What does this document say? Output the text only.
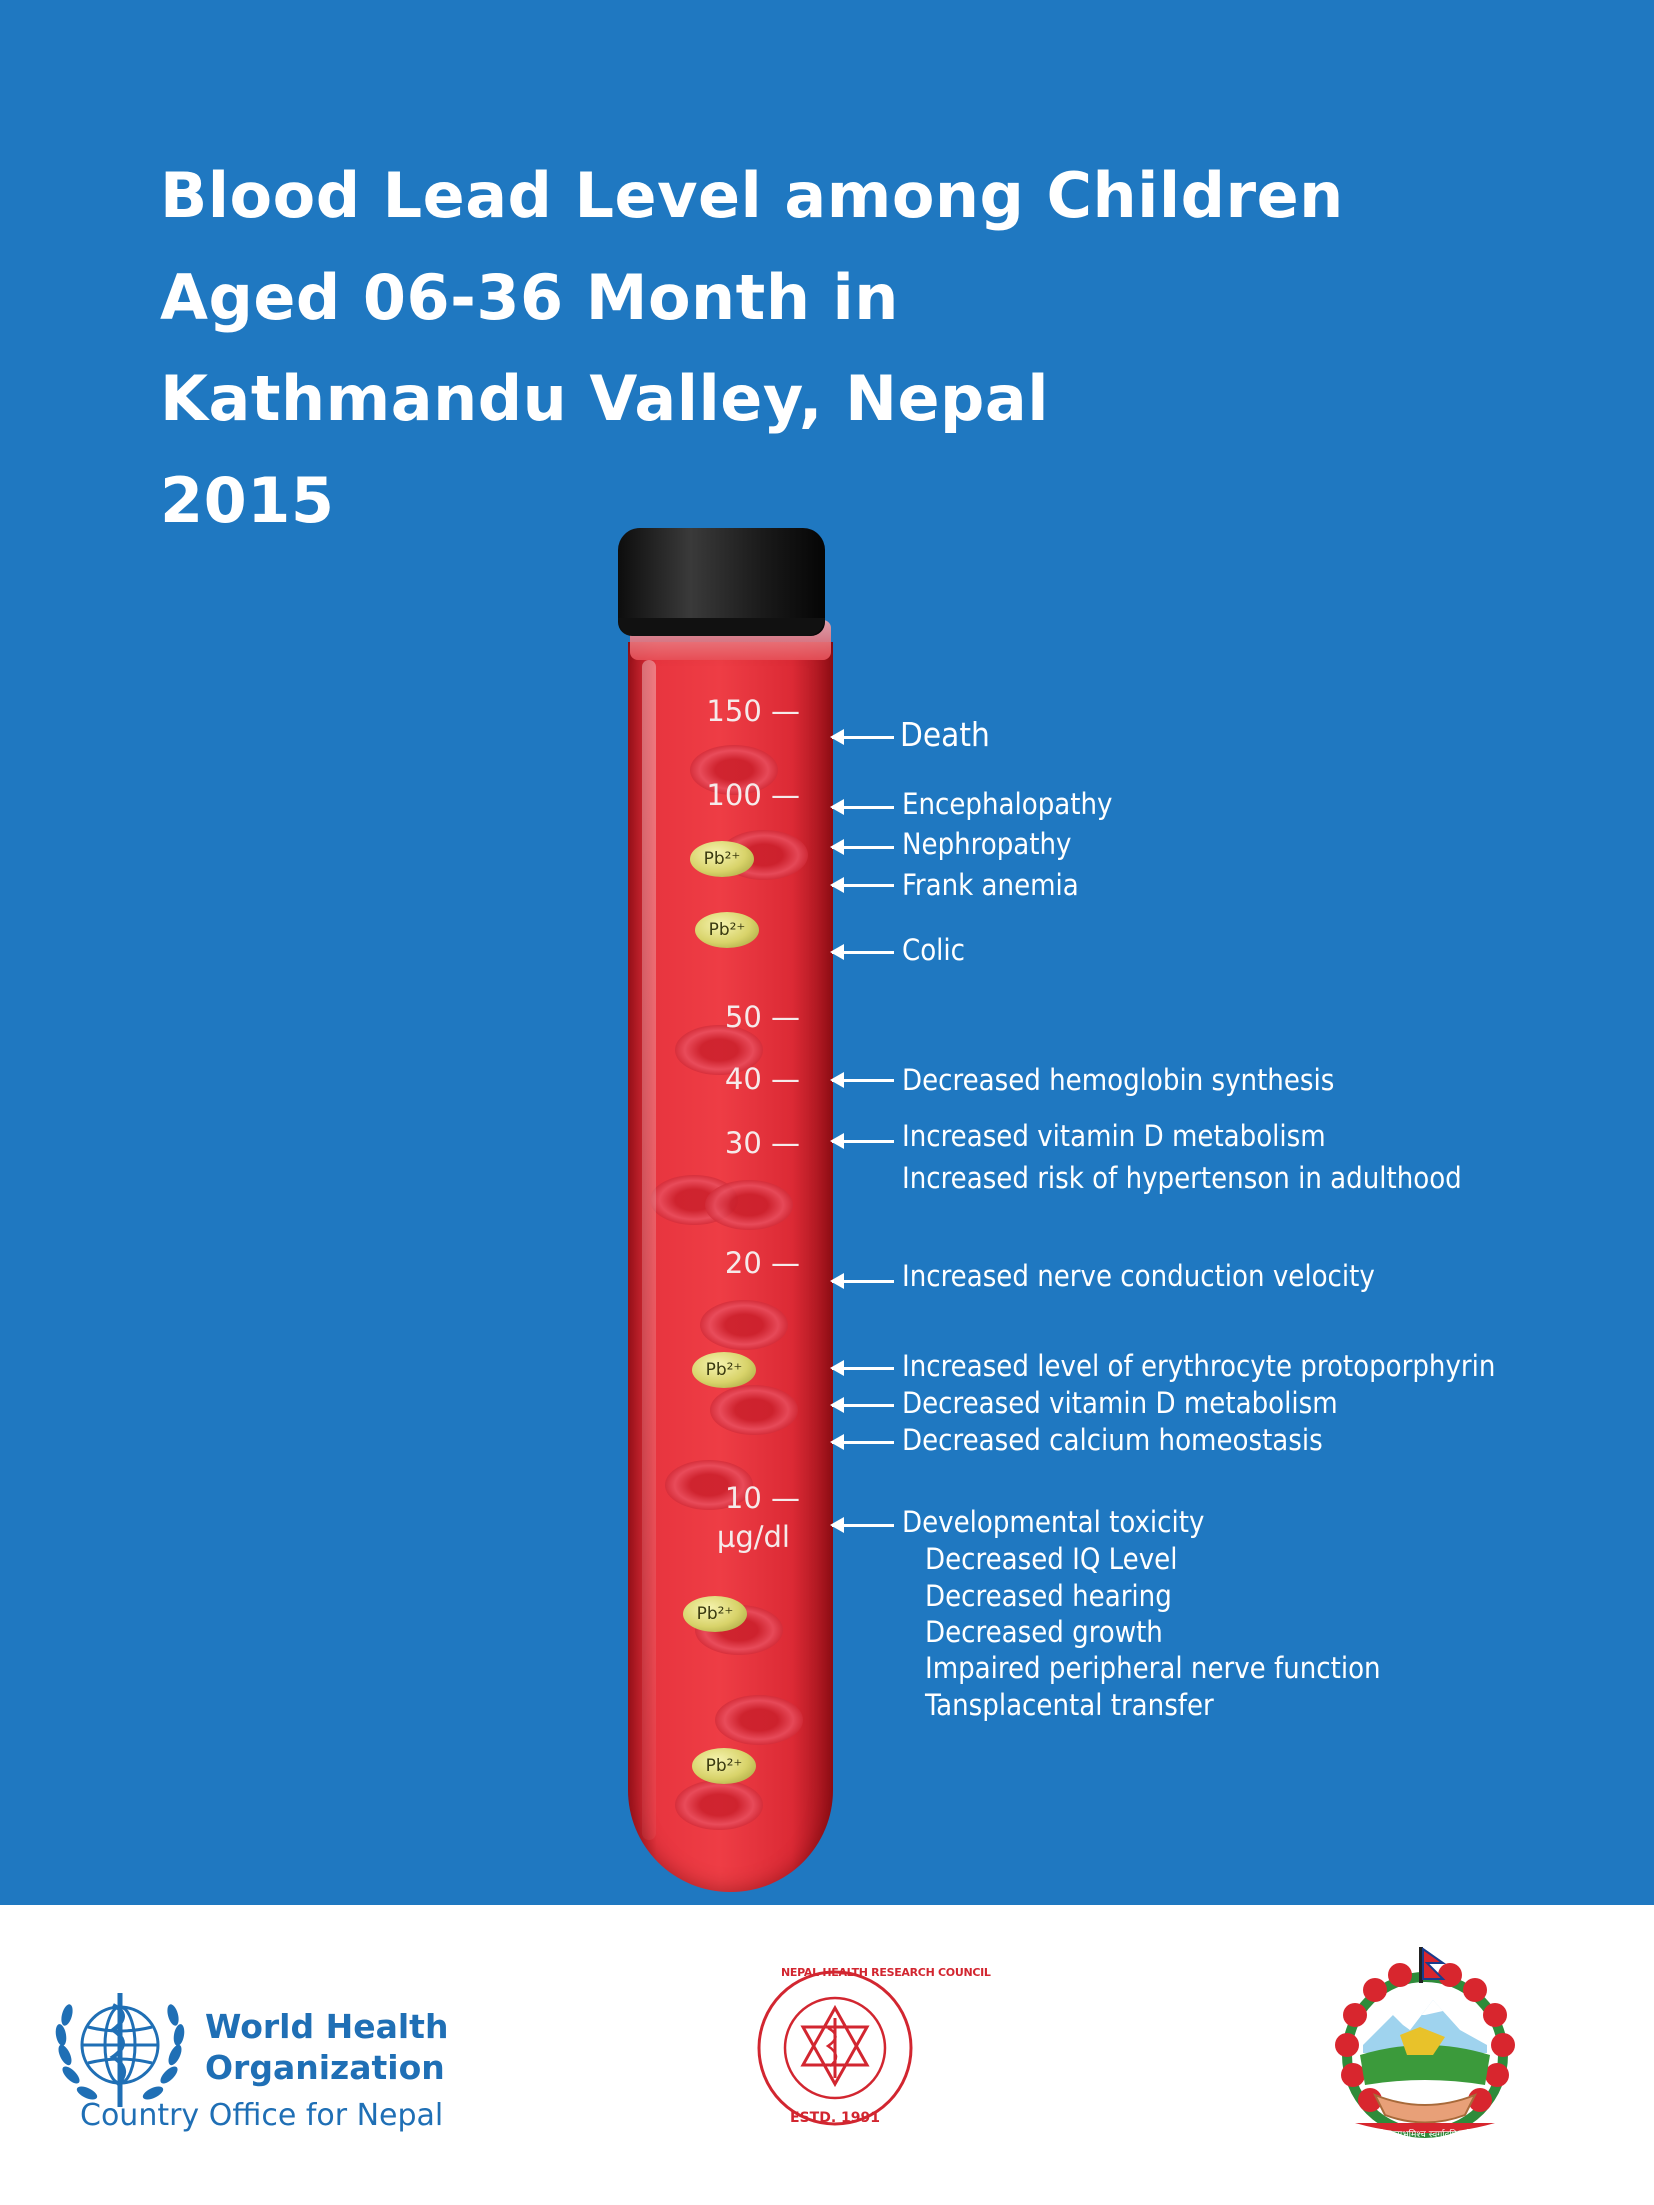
Blood Lead Level among Children
Aged 06-36 Month in
Kathmandu Valley, Nepal
2015
Pb²⁺
Pb²⁺
Pb²⁺
Pb²⁺
Pb²⁺
150 —
100 —
50 —
40 —
30 —
20 —
10 —
µg/dl
Death
Encephalopathy
Nephropathy
Frank anemia
Colic
Decreased hemoglobin synthesis
Increased vitamin D metabolism
Increased risk of hypertenson in adulthood
Increased nerve conduction velocity
Increased level of erythrocyte protoporphyrin
Decreased vitamin D metabolism
Decreased calcium homeostasis
Developmental toxicity
Decreased IQ Level
Decreased hearing
Decreased growth
Impaired peripheral nerve function
Tansplacental transfer
World Health
Organization
Country Office for Nepal
NEPAL HEALTH RESEARCH COUNCIL
ESTD. 1991
जननी जन्मभूमिश्च स्वर्गादपि गरीयसी
